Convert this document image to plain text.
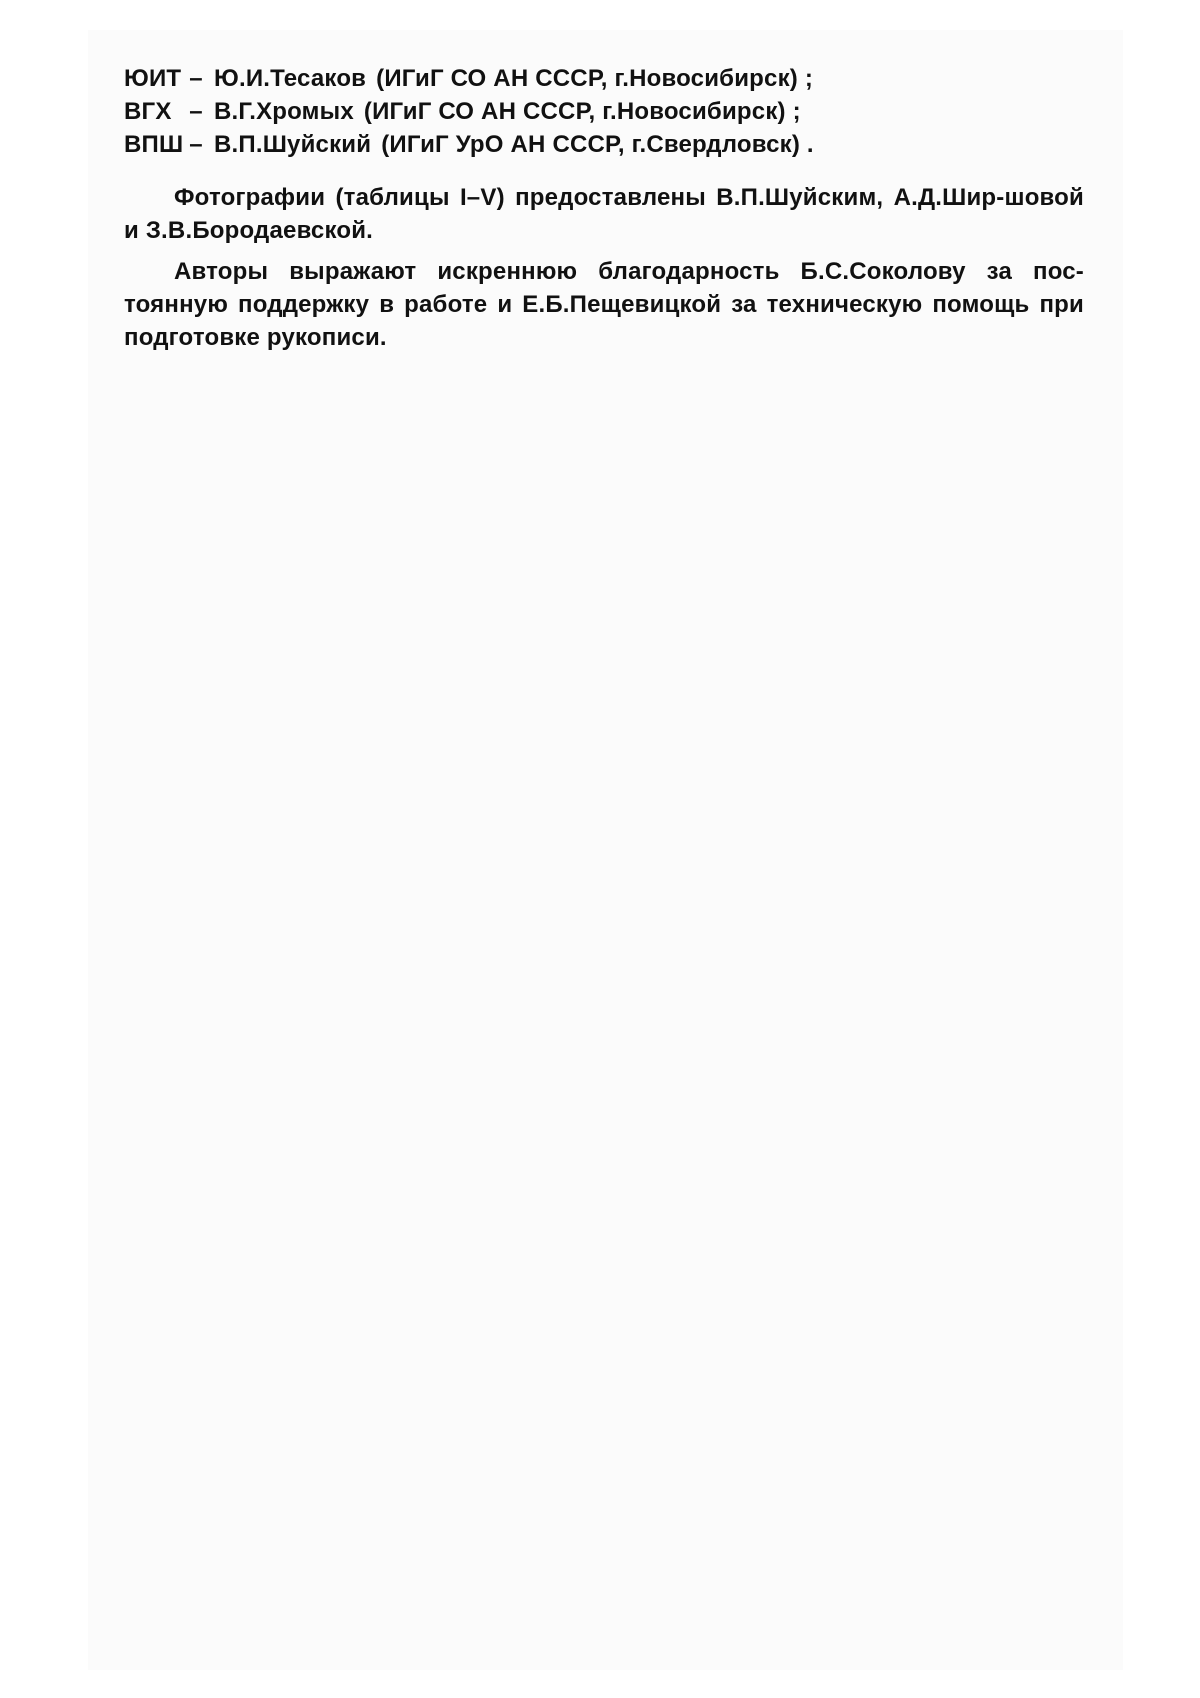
ЮИТ – Ю.И.Тесаков (ИГиГ СО АН СССР, г.Новосибирск) ;
ВГХ – В.Г.Хромых (ИГиГ СО АН СССР, г.Новосибирск) ;
ВПШ – В.П.Шуйский (ИГиГ УрО АН СССР, г.Свердловск) .

Фотографии (таблицы I–V) предоставлены В.П.Шуйским, А.Д.Шир-шовой и З.В.Бородаевской.

Авторы выражают искреннюю благодарность Б.С.Соколову за пос-тоянную поддержку в работе и Е.Б.Пещевицкой за техническую помощь при подготовке рукописи.
